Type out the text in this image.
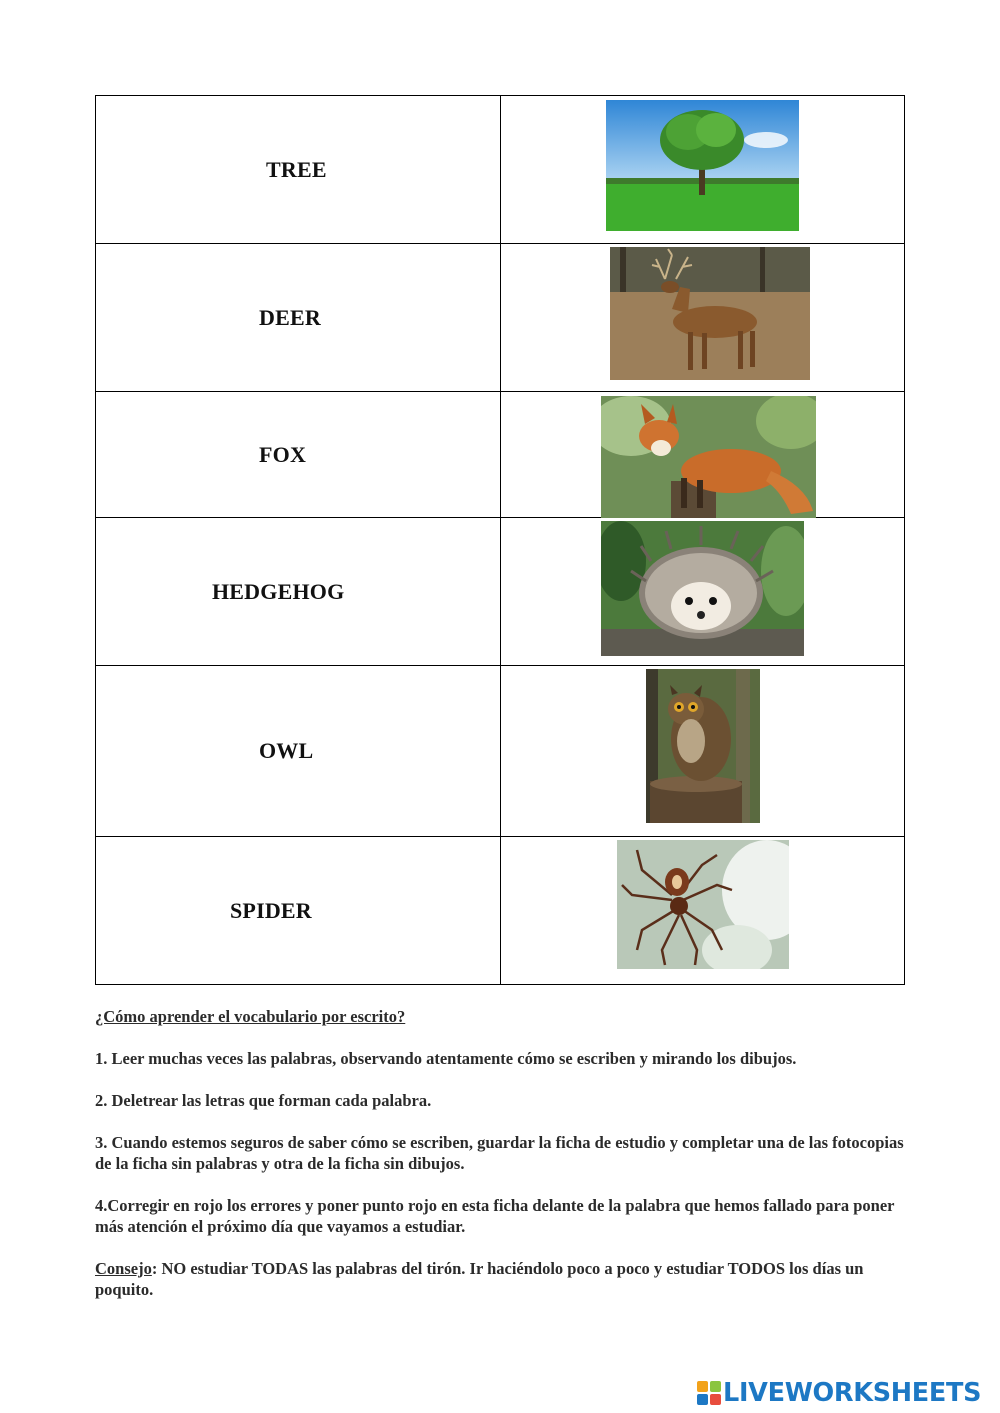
TREE

DEER

FOX

HEDGEHOG

OWL

SPIDER

¿Cómo aprender el vocabulario por escrito?

1. Leer muchas veces las palabras, observando atentamente cómo se escriben y mirando los dibujos.

2. Deletrear las letras que forman cada palabra.

3. Cuando estemos seguros de saber cómo se escriben, guardar la ficha de estudio y completar una de las fotocopias de la ficha sin palabras y otra de la ficha sin dibujos.

4.Corregir en rojo los errores y poner punto rojo en esta ficha delante de la palabra que hemos fallado para poner más atención el próximo día que vayamos a estudiar.

Consejo: NO estudiar TODAS las palabras del tirón. Ir haciéndolo poco a poco y estudiar TODOS los días un poquito.

LIVEWORKSHEETS
